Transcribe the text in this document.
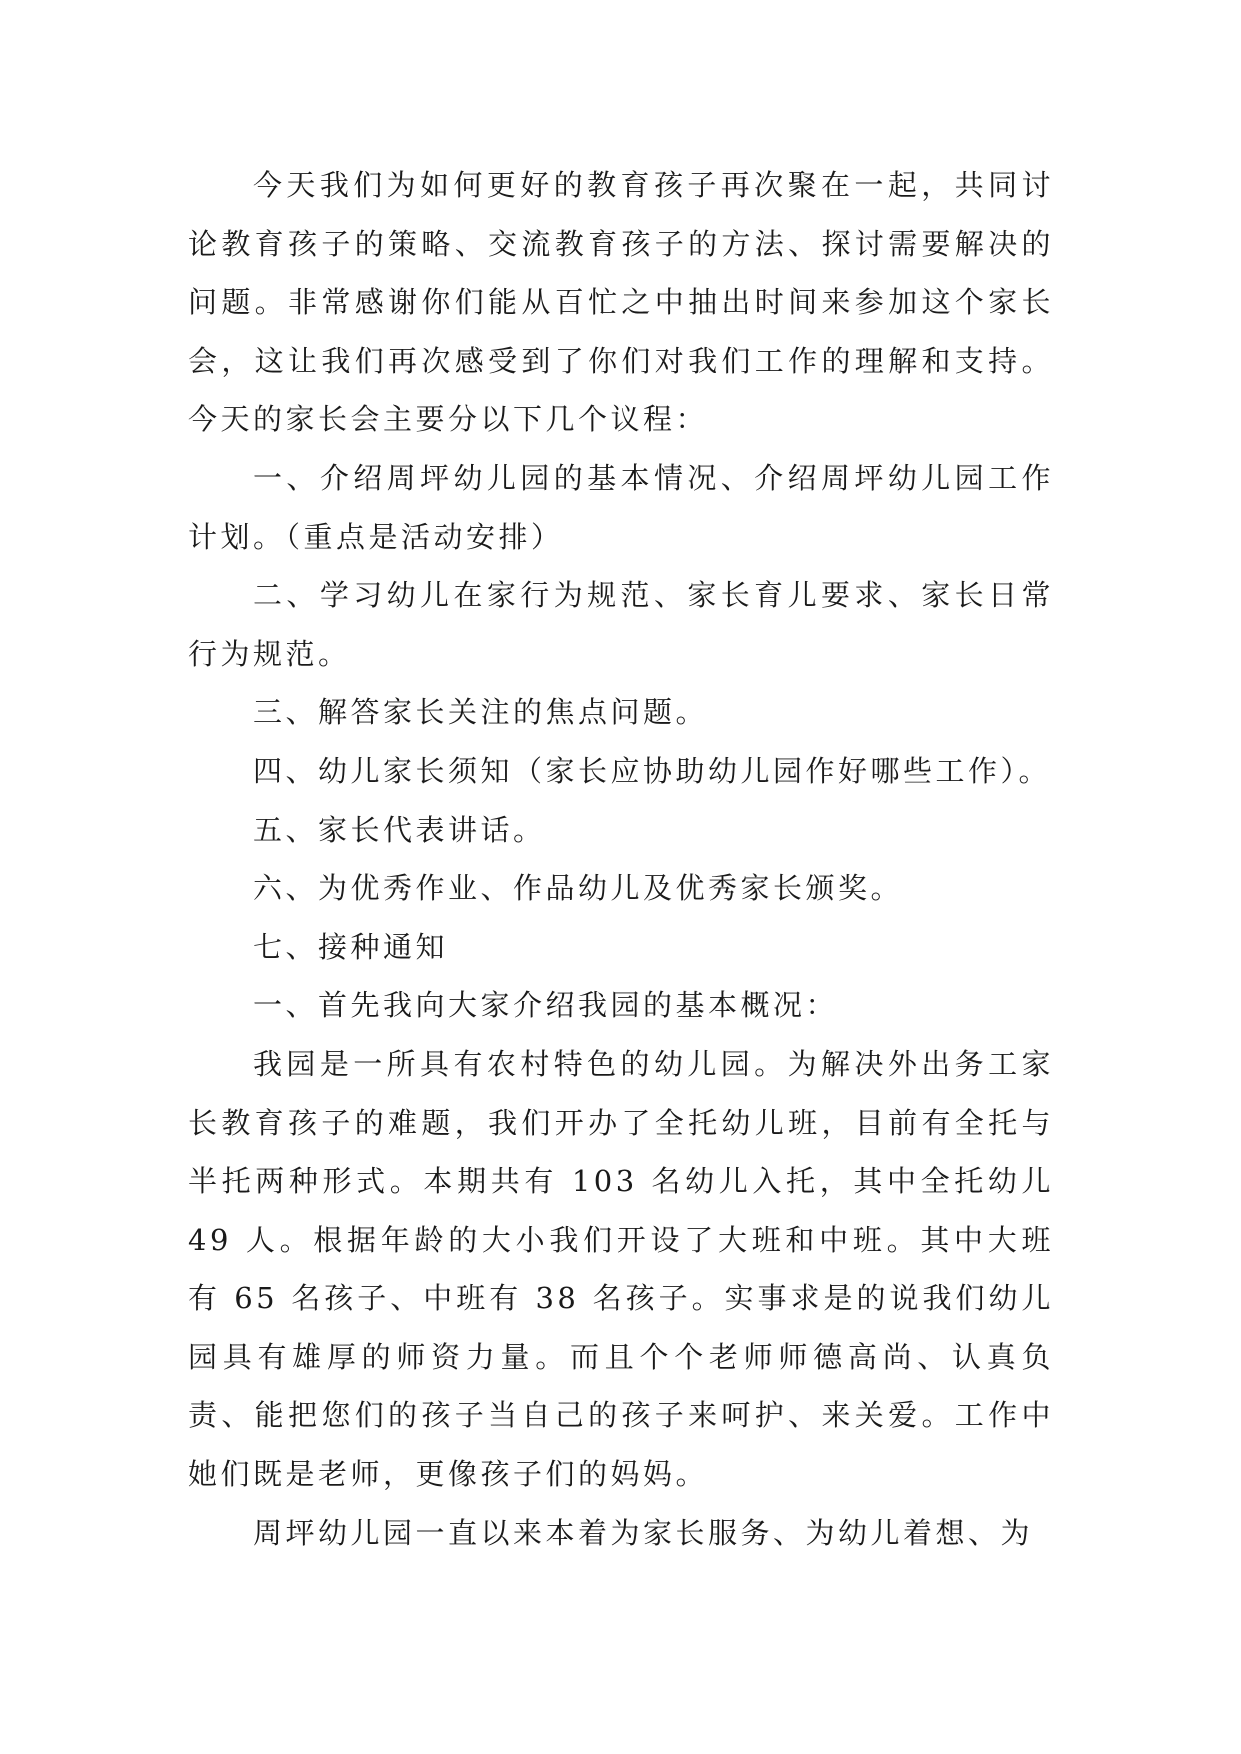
今天我们为如何更好的教育孩子再次聚在一起，共同讨论教育孩子的策略、交流教育孩子的方法、探讨需要解决的问题。非常感谢你们能从百忙之中抽出时间来参加这个家长会，这让我们再次感受到了你们对我们工作的理解和支持。今天的家长会主要分以下几个议程：

一、介绍周坪幼儿园的基本情况、介绍周坪幼儿园工作计划。（重点是活动安排）

二、学习幼儿在家行为规范、家长育儿要求、家长日常行为规范。

三、解答家长关注的焦点问题。

四、幼儿家长须知（家长应协助幼儿园作好哪些工作）。

五、家长代表讲话。

六、为优秀作业、作品幼儿及优秀家长颁奖。

七、接种通知

一、首先我向大家介绍我园的基本概况：

我园是一所具有农村特色的幼儿园。为解决外出务工家长教育孩子的难题，我们开办了全托幼儿班，目前有全托与半托两种形式。本期共有 103 名幼儿入托，其中全托幼儿 49 人。根据年龄的大小我们开设了大班和中班。其中大班有 65 名孩子、中班有 38 名孩子。实事求是的说我们幼儿园具有雄厚的师资力量。而且个个老师师德高尚、认真负责、能把您们的孩子当自己的孩子来呵护、来关爱。工作中她们既是老师，更像孩子们的妈妈。

周坪幼儿园一直以来本着为家长服务、为幼儿着想、为
